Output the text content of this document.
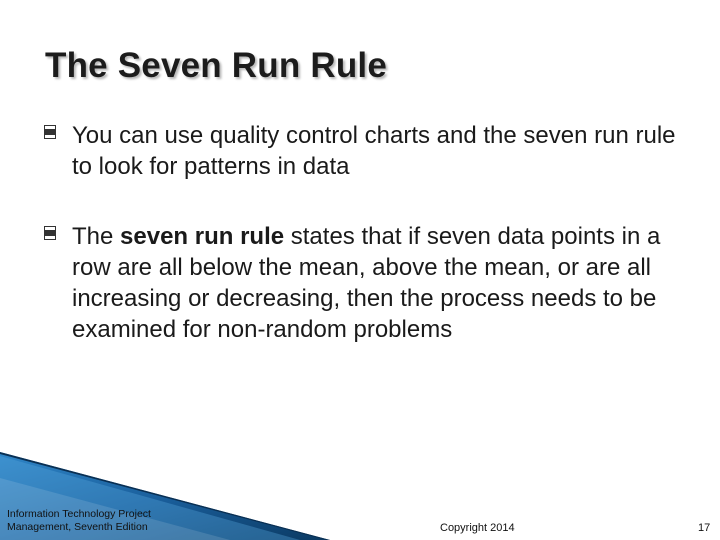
The Seven Run Rule
You can use quality control charts and the seven run rule to look for patterns in data
The seven run rule states that if seven data points in a row are all below the mean, above the mean, or are all increasing or decreasing, then the process needs to be examined for non-random problems
Information Technology Project
Management, Seventh Edition	Copyright 2014	17
